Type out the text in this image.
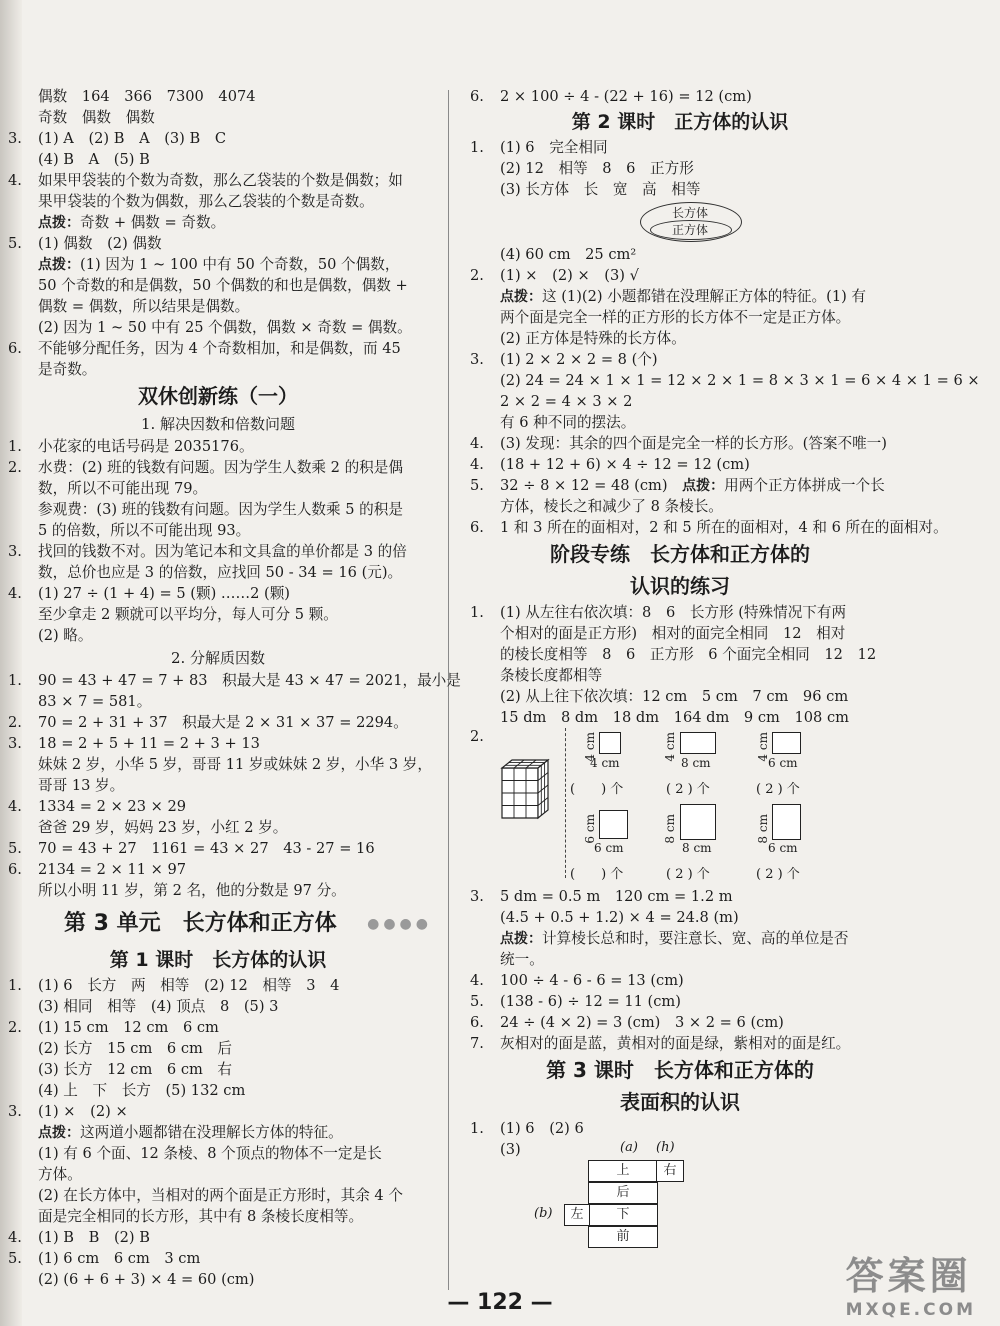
偶数　164　366　7300　4074
奇数　偶数　偶数
3. (1) A　(2) B　A　(3) B　C
(4) B　A　(5) B
4. 如果甲袋装的个数为奇数，那么乙袋装的个数是偶数；如
果甲袋装的个数为偶数，那么乙袋装的个数是奇数。
点拨：奇数 + 偶数 = 奇数。
5. (1) 偶数　(2) 偶数
点拨：(1) 因为 1 ~ 100 中有 50 个奇数，50 个偶数，
50 个奇数的和是偶数，50 个偶数的和也是偶数，偶数 +
偶数 = 偶数，所以结果是偶数。
(2) 因为 1 ~ 50 中有 25 个偶数，偶数 × 奇数 = 偶数。
6. 不能够分配任务，因为 4 个奇数相加，和是偶数，而 45
是奇数。
双休创新练（一）
1. 解决因数和倍数问题
1. 小花家的电话号码是 2035176。
2. 水费：(2) 班的钱数有问题。因为学生人数乘 2 的积是偶
数，所以不可能出现 79。
参观费：(3) 班的钱数有问题。因为学生人数乘 5 的积是
5 的倍数，所以不可能出现 93。
3. 找回的钱数不对。因为笔记本和文具盒的单价都是 3 的倍
数，总价也应是 3 的倍数，应找回 50 - 34 = 16 (元)。
4. (1) 27 ÷ (1 + 4) = 5 (颗) ……2 (颗)
至少拿走 2 颗就可以平均分，每人可分 5 颗。
(2) 略。
2. 分解质因数
1. 90 = 43 + 47 = 7 + 83　积最大是 43 × 47 = 2021，最小是
83 × 7 = 581。
2. 70 = 2 + 31 + 37　积最大是 2 × 31 × 37 = 2294。
3. 18 = 2 + 5 + 11 = 2 + 3 + 13
妹妹 2 岁，小华 5 岁，哥哥 11 岁或妹妹 2 岁，小华 3 岁，
哥哥 13 岁。
4. 1334 = 2 × 23 × 29
爸爸 29 岁，妈妈 23 岁，小红 2 岁。
5. 70 = 43 + 27　1161 = 43 × 27　43 - 27 = 16
6. 2134 = 2 × 11 × 97
所以小明 11 岁，第 2 名，他的分数是 97 分。
第 3 单元　长方体和正方体 ●●●●
第 1 课时　长方体的认识
1. (1) 6　长方　两　相等　(2) 12　相等　3　4
(3) 相同　相等　(4) 顶点　8　(5) 3
2. (1) 15 cm　12 cm　6 cm
(2) 长方　15 cm　6 cm　后
(3) 长方　12 cm　6 cm　右
(4) 上　下　长方　(5) 132 cm
3. (1) ×　(2) ×
点拨：这两道小题都错在没理解长方体的特征。
(1) 有 6 个面、12 条棱、8 个顶点的物体不一定是长
方体。
(2) 在长方体中，当相对的两个面是正方形时，其余 4 个
面是完全相同的长方形，其中有 8 条棱长度相等。
4. (1) B　B　(2) B
5. (1) 6 cm　6 cm　3 cm
(2) (6 + 6 + 3) × 4 = 60 (cm)
6. 2 × 100 ÷ 4 - (22 + 16) = 12 (cm)
第 2 课时　正方体的认识
1. (1) 6　完全相同
(2) 12　相等　8　6　正方形
(3) 长方体　长　宽　高　相等
长方体
正方体
(4) 60 cm　25 cm²
2. (1) ×　(2) ×　(3) √
点拨：这 (1)(2) 小题都错在没理解正方体的特征。(1) 有
两个面是完全一样的正方形的长方体不一定是正方体。
(2) 正方体是特殊的长方体。
3. (1) 2 × 2 × 2 = 8 (个)
(2) 24 = 24 × 1 × 1 = 12 × 2 × 1 = 8 × 3 × 1 = 6 × 4 × 1 = 6 ×
2 × 2 = 4 × 3 × 2
有 6 种不同的摆法。
4. (3) 发现：其余的四个面是完全一样的长方形。(答案不唯一)
4. (18 + 12 + 6) × 4 ÷ 12 = 12 (cm)
5. 32 ÷ 8 × 12 = 48 (cm)　点拨：用两个正方体拼成一个长
方体，棱长之和减少了 8 条棱长。
6. 1 和 3 所在的面相对，2 和 5 所在的面相对，4 和 6 所在的面相对。
阶段专练　长方体和正方体的
认识的练习
1. (1) 从左往右依次填：8　6　长方形 (特殊情况下有两
个相对的面是正方形)　相对的面完全相同　12　相对
的棱长度相等　8　6　正方形　6 个面完全相同　12　12
条棱长度都相等
(2) 从上往下依次填：12 cm　5 cm　7 cm　96 cm
15 dm　8 dm　18 dm　164 dm　9 cm　108 cm
2.	4 cm
4 cm
(　　) 个
4 cm
8 cm
( 2 ) 个
4 cm
6 cm
( 2 ) 个
6 cm
6 cm
(　　) 个
8 cm
8 cm
( 2 ) 个
8 cm
6 cm
( 2 ) 个
3. 5 dm = 0.5 m　120 cm = 1.2 m
(4.5 + 0.5 + 1.2) × 4 = 24.8 (m)
点拨：计算棱长总和时，要注意长、宽、高的单位是否
统一。
4. 100 ÷ 4 - 6 - 6 = 13 (cm)
5. (138 - 6) ÷ 12 = 11 (cm)
6. 24 ÷ (4 × 2) = 3 (cm)　3 × 2 = 6 (cm)
7. 灰相对的面是蓝，黄相对的面是绿，紫相对的面是红。
第 3 课时　长方体和正方体的
表面积的认识
1. (1) 6　(2) 6
(3)	(a) (h)
上	右
后
下
左
(b)
前
— 122 —
答案圈
MXQE.COM
